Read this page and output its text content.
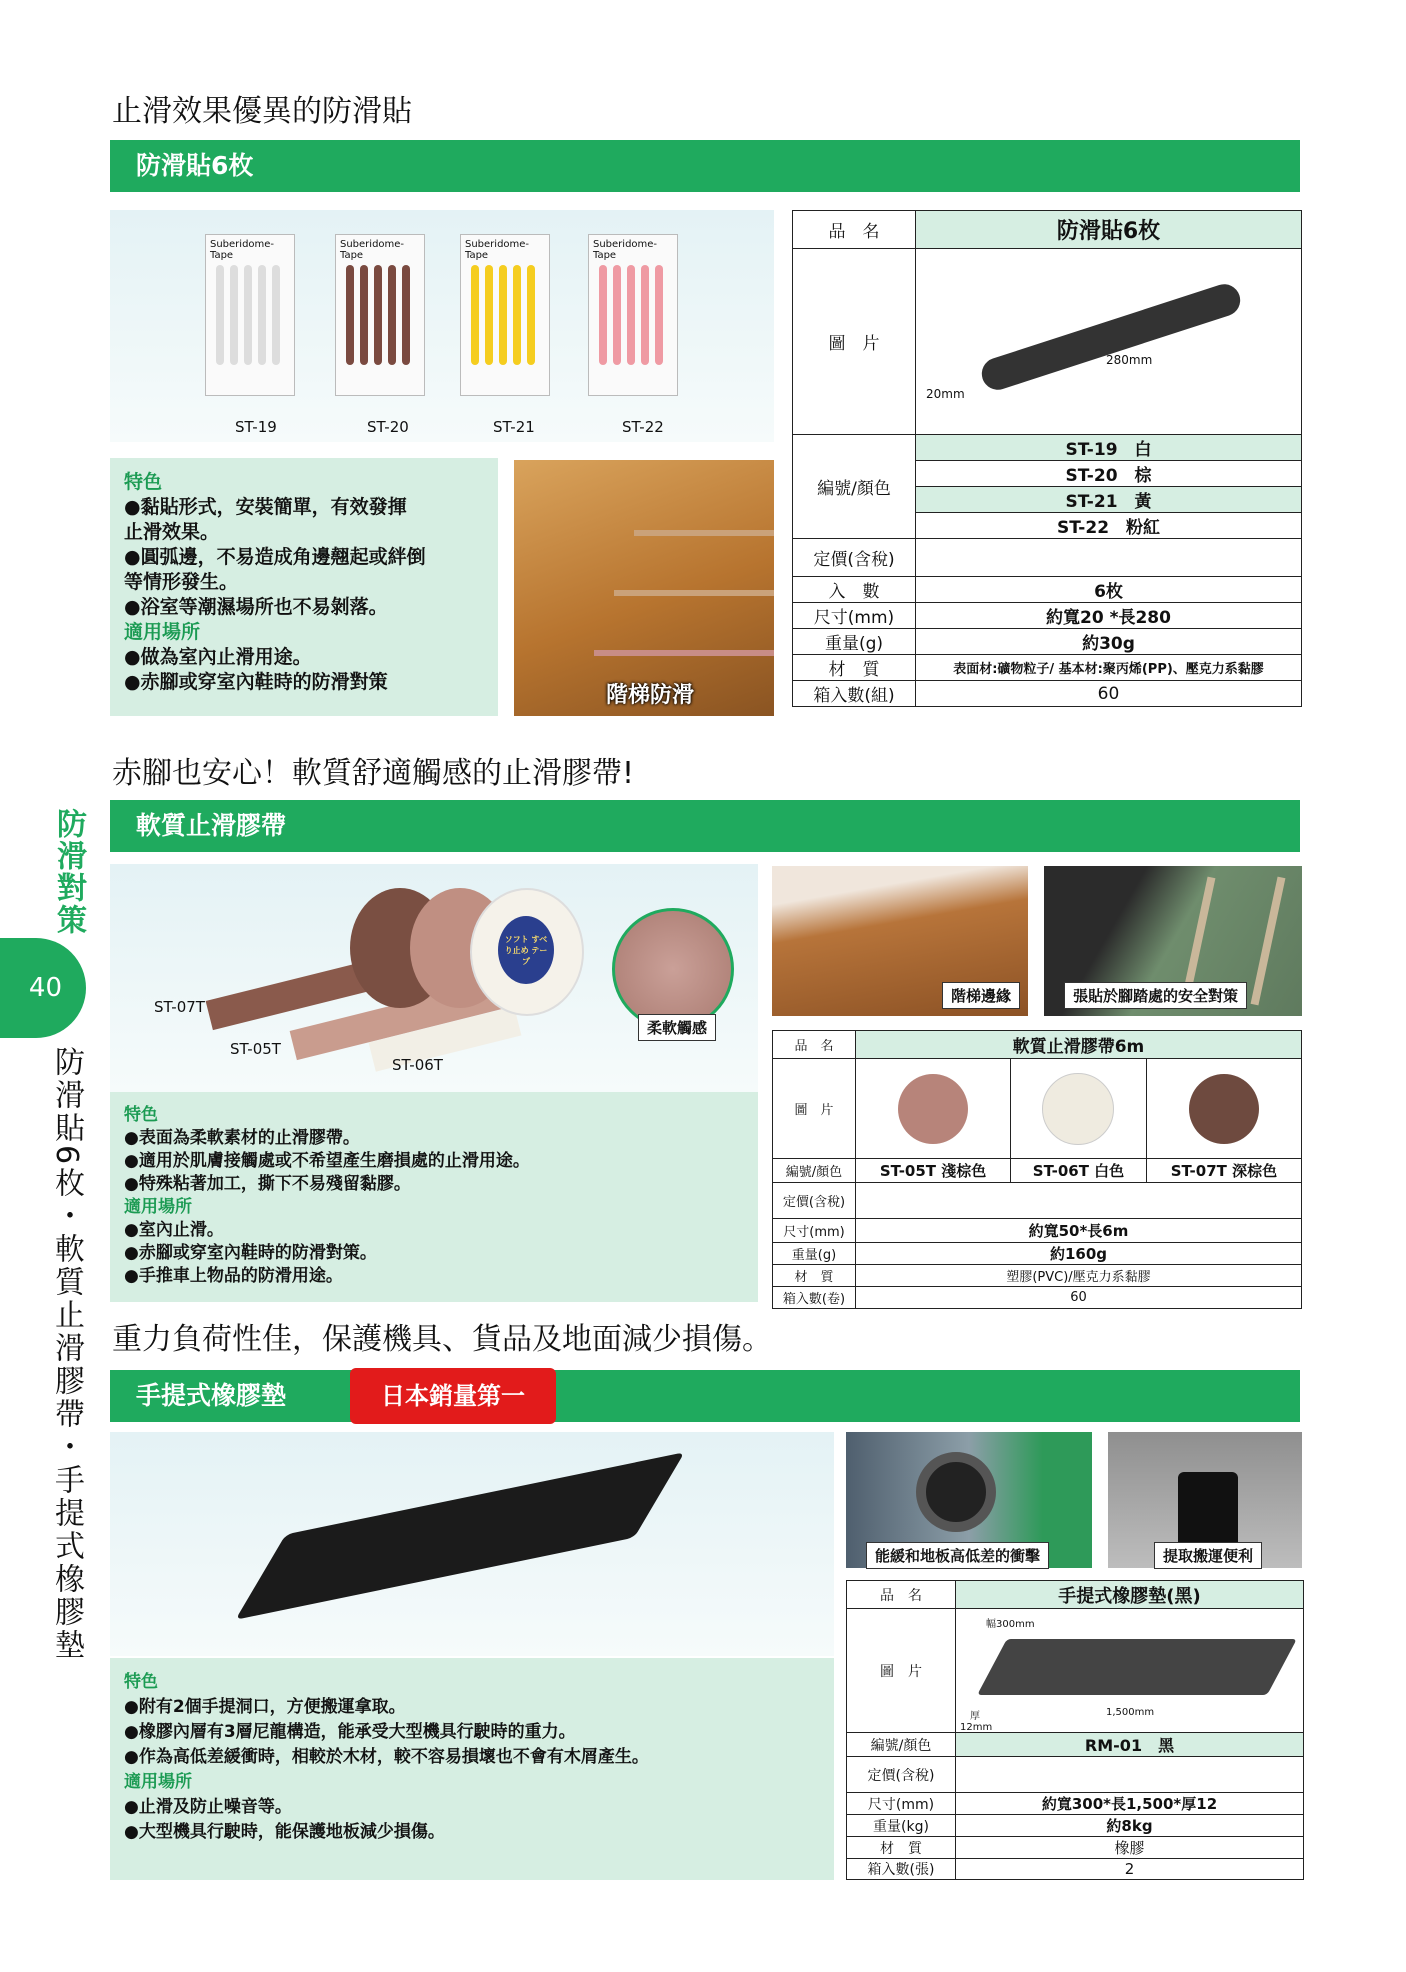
防滑對策
40
防滑貼6枚・軟質止滑膠帶・手提式橡膠墊
止滑效果優異的防滑貼
防滑貼6枚
Suberidome-Tape
Suberidome-Tape
Suberidome-Tape
Suberidome-Tape
ST-19	ST-20	ST-21	ST-22
特色
●黏貼形式，安裝簡單，有效發揮
止滑效果。
●圓弧邊，不易造成角邊翹起或絆倒
等情形發生。
●浴室等潮濕場所也不易剝落。
適用場所
●做為室內止滑用途。
●赤腳或穿室內鞋時的防滑對策
階梯防滑
品　名	防滑貼6枚
圖　片	20mm
280mm

編號/顏色	ST-19　 白
	ST-20　 棕
	ST-21　 黃
	ST-22　 粉紅
定價(含稅)	
入　數	6枚
尺寸(mm)	約寬20 *長280
重量(g)	約30g
材　質	表面材:礦物粒子/ 基本材:聚丙烯(PP)、壓克力系黏膠
箱入數(組)	60
赤腳也安心！軟質舒適觸感的止滑膠帶!
軟質止滑膠帶
ソフト すべり止め テープ
ST-07T
ST-05T
ST-06T
柔軟觸感
階梯邊緣	張貼於腳踏處的安全對策
特色
●表面為柔軟素材的止滑膠帶。
●適用於肌膚接觸處或不希望產生磨損處的止滑用途。
●特殊粘著加工，撕下不易殘留黏膠。
適用場所
●室內止滑。
●赤腳或穿室內鞋時的防滑對策。
●手推車上物品的防滑用途。
品　名	軟質止滑膠帶6m		
圖　片	

編號/顏色	ST-05T 淺棕色	ST-06T 白色	ST-07T 深棕色
定價(含稅)			
尺寸(mm)	約寬50*長6m		
重量(g)	約160g		
材　質	塑膠(PVC)/壓克力系黏膠		
箱入數(卷)	60		
重力負荷性佳，保護機具、貨品及地面減少損傷。
手提式橡膠墊	日本銷量第一
能緩和地板高低差的衝擊	提取搬運便利
特色
●附有2個手提洞口，方便搬運拿取。
●橡膠內層有3層尼龍構造，能承受大型機具行駛時的重力。
●作為高低差緩衝時，相較於木材，較不容易損壞也不會有木屑產生。
適用場所
●止滑及防止噪音等。
●大型機具行駛時，能保護地板減少損傷。
品　名	手提式橡膠墊(黑)
圖　片	幅300mm
厚 12mm
1,500mm

編號/顏色	RM-01　黑
定價(含稅)	
尺寸(mm)	約寬300*長1,500*厚12
重量(kg)	約8kg
材　質	橡膠
箱入數(張)	2
